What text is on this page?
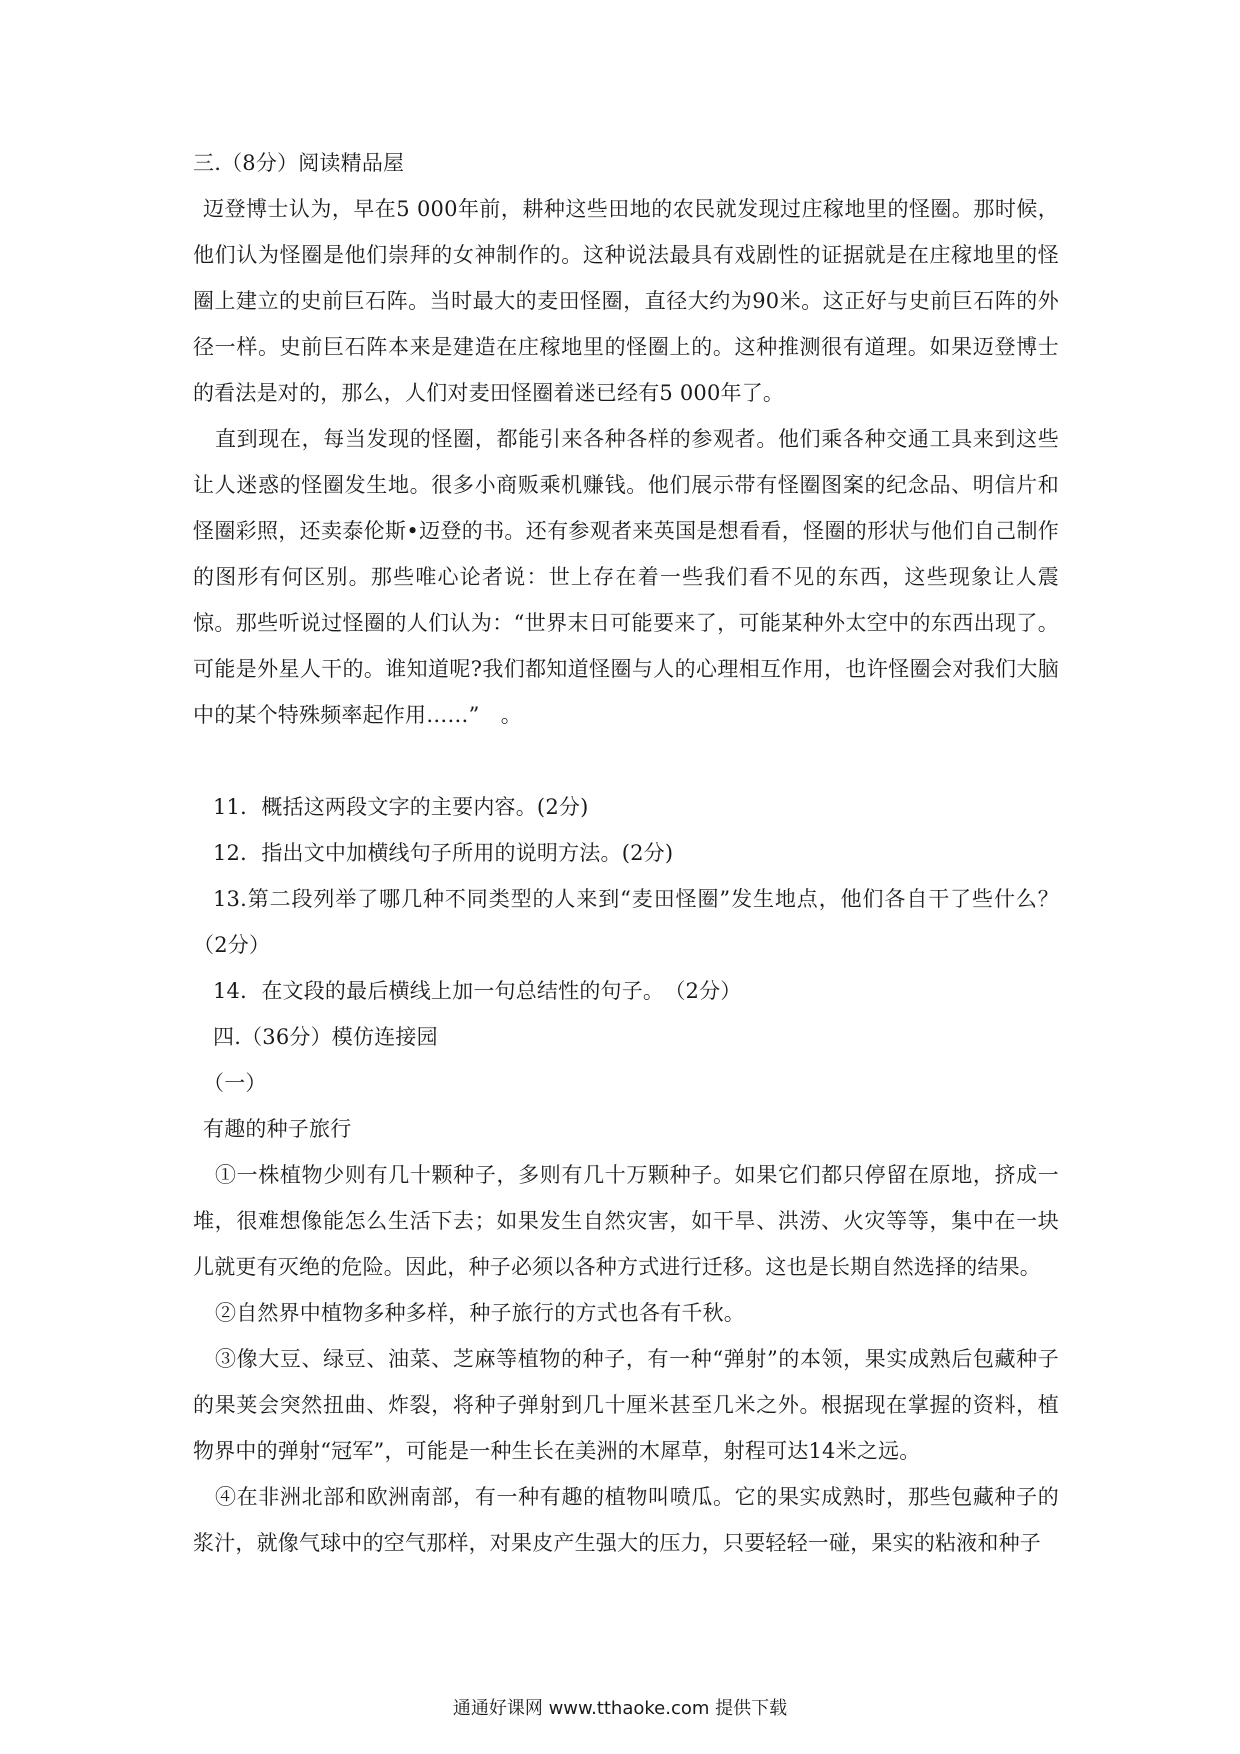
三.（8分）阅读精品屋

迈登博士认为，早在5 000年前，耕种这些田地的农民就发现过庄稼地里的怪圈。那时候，他们认为怪圈是他们崇拜的女神制作的。这种说法最具有戏剧性的证据就是在庄稼地里的怪圈上建立的史前巨石阵。当时最大的麦田怪圈，直径大约为90米。这正好与史前巨石阵的外径一样。史前巨石阵本来是建造在庄稼地里的怪圈上的。这种推测很有道理。如果迈登博士的看法是对的，那么，人们对麦田怪圈着迷已经有5 000年了。

直到现在，每当发现的怪圈，都能引来各种各样的参观者。他们乘各种交通工具来到这些让人迷惑的怪圈发生地。很多小商贩乘机赚钱。他们展示带有怪圈图案的纪念品、明信片和怪圈彩照，还卖泰伦斯•迈登的书。还有参观者来英国是想看看，怪圈的形状与他们自己制作的图形有何区别。那些唯心论者说：世上存在着一些我们看不见的东西，这些现象让人震惊。那些听说过怪圈的人们认为：“世界末日可能要来了，可能某种外太空中的东西出现了。可能是外星人干的。谁知道呢?我们都知道怪圈与人的心理相互作用，也许怪圈会对我们大脑中的某个特殊频率起作用……”　。

11．概括这两段文字的主要内容。(2分)

12．指出文中加横线句子所用的说明方法。(2分)

13.第二段列举了哪几种不同类型的人来到“麦田怪圈”发生地点，他们各自干了些什么？（2分）

14．在文段的最后横线上加一句总结性的句子。　（2分）

四.（36分）模仿连接园

（一）

有趣的种子旅行

①一株植物少则有几十颗种子，多则有几十万颗种子。如果它们都只停留在原地，挤成一堆，很难想像能怎么生活下去；如果发生自然灾害，如干旱、洪涝、火灾等等，集中在一块儿就更有灭绝的危险。因此，种子必须以各种方式进行迁移。这也是长期自然选择的结果。

②自然界中植物多种多样，种子旅行的方式也各有千秋。

③像大豆、绿豆、油菜、芝麻等植物的种子，有一种“弹射”的本领，果实成熟后包藏种子的果荚会突然扭曲、炸裂，将种子弹射到几十厘米甚至几米之外。根据现在掌握的资料，植物界中的弹射“冠军”，可能是一种生长在美洲的木犀草，射程可达14米之远。

④在非洲北部和欧洲南部，有一种有趣的植物叫喷瓜。它的果实成熟时，那些包藏种子的浆汁，就像气球中的空气那样，对果皮产生强大的压力，只要轻轻一碰，果实的粘液和种子

通通好课网 www.tthaoke.com 提供下载
